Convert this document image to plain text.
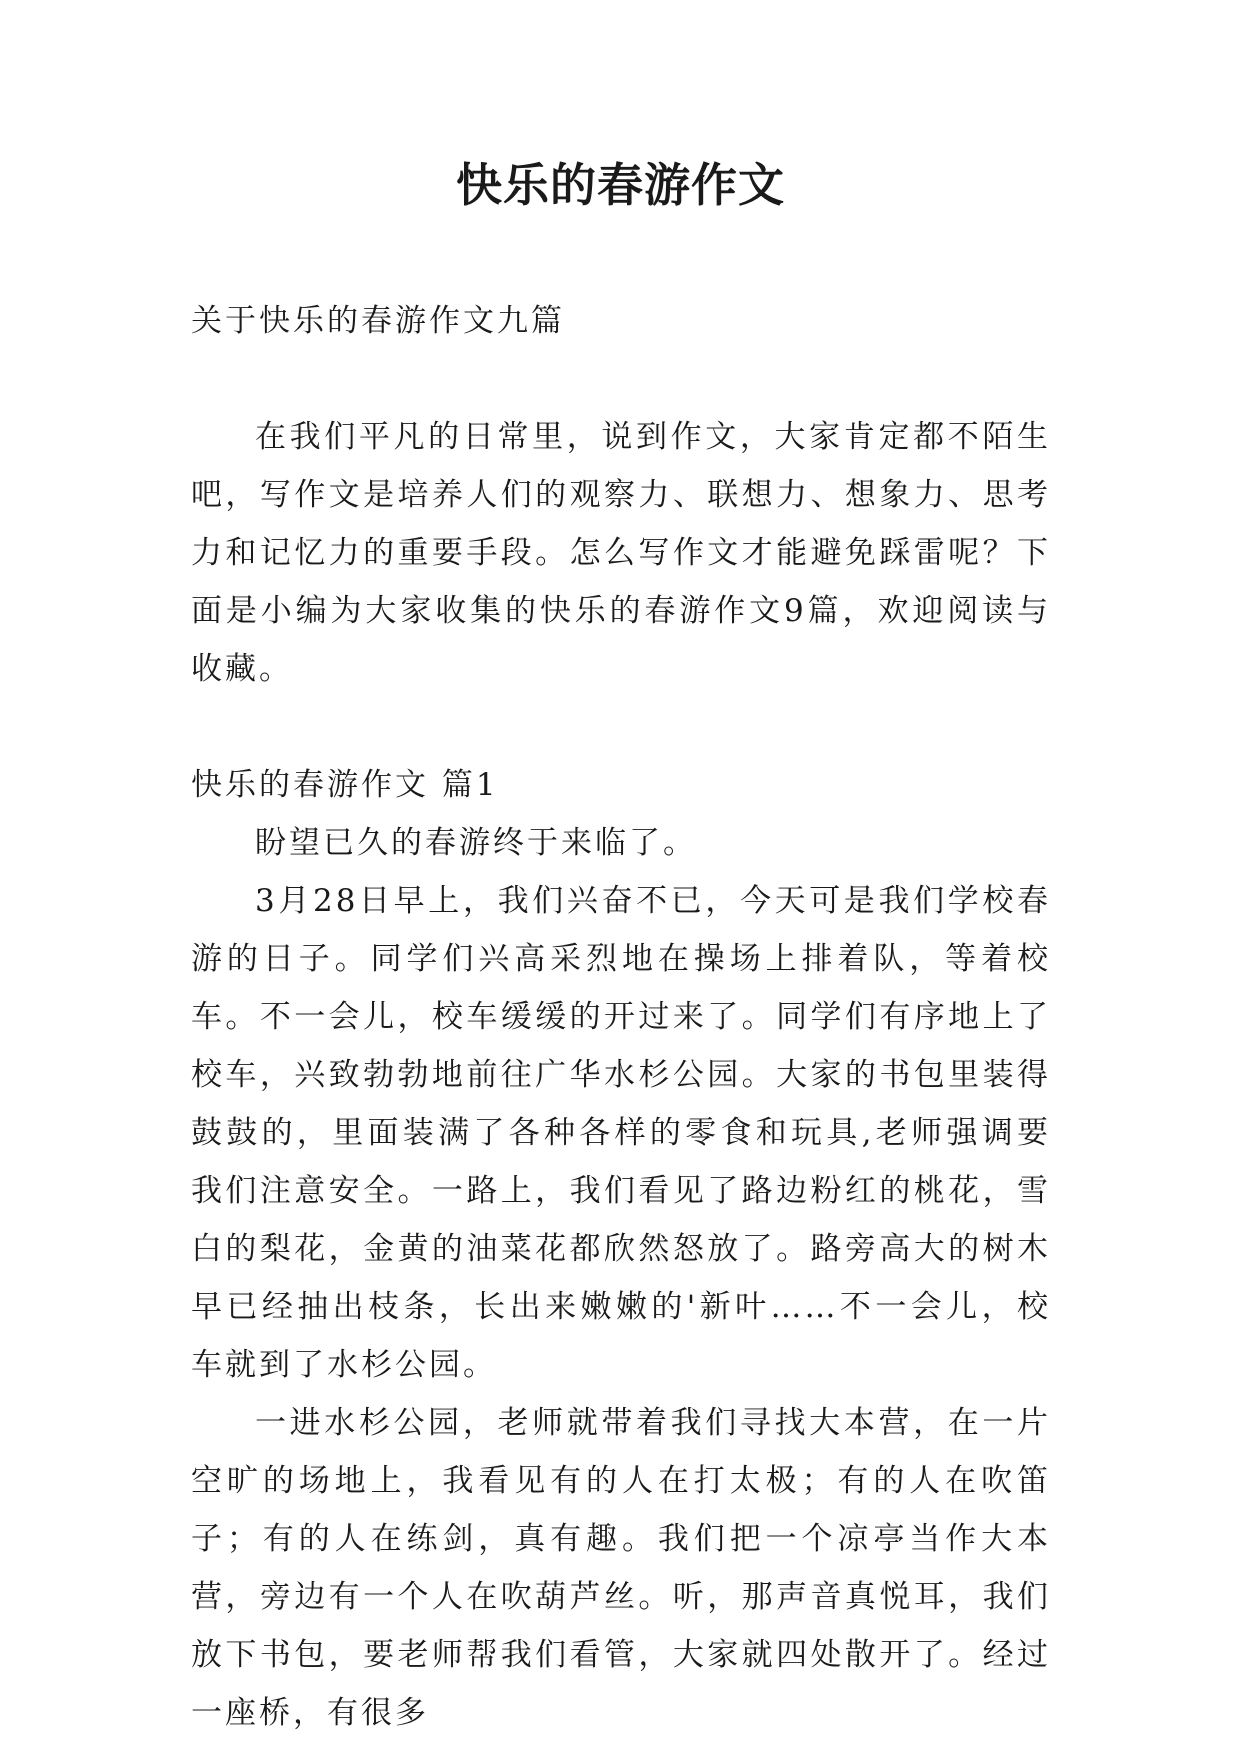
快乐的春游作文

关于快乐的春游作文九篇

在我们平凡的日常里，说到作文，大家肯定都不陌生吧，写作文是培养人们的观察力、联想力、想象力、思考力和记忆力的重要手段。怎么写作文才能避免踩雷呢？下面是小编为大家收集的快乐的春游作文9篇，欢迎阅读与收藏。

快乐的春游作文 篇1

盼望已久的春游终于来临了。

3月28日早上，我们兴奋不已，今天可是我们学校春游的日子。同学们兴高采烈地在操场上排着队，等着校车。不一会儿，校车缓缓的开过来了。同学们有序地上了校车，兴致勃勃地前往广华水杉公园。大家的书包里装得鼓鼓的，里面装满了各种各样的零食和玩具,老师强调要我们注意安全。一路上，我们看见了路边粉红的桃花，雪白的梨花，金黄的油菜花都欣然怒放了。路旁高大的树木早已经抽出枝条，长出来嫩嫩的'新叶……不一会儿，校车就到了水杉公园。

一进水杉公园，老师就带着我们寻找大本营，在一片空旷的场地上，我看见有的人在打太极；有的人在吹笛子；有的人在练剑，真有趣。我们把一个凉亭当作大本营，旁边有一个人在吹葫芦丝。听，那声音真悦耳，我们放下书包，要老师帮我们看管，大家就四处散开了。经过一座桥，有很多
